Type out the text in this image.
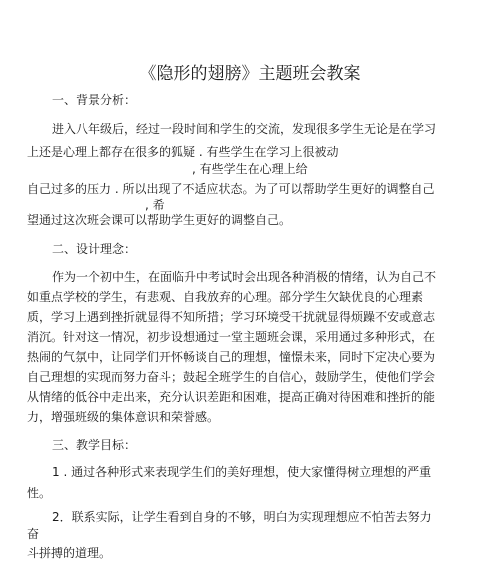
《隐形的翅膀》主题班会教案
一、背景分析：
进入八年级后，经过一段时间和学生的交流，发现很多学生无论是在学习
上还是心理上都存在很多的狐疑 . 有些学生在学习上很被动
, 有些学生在心理上给
自己过多的压力 . 所以出现了不适应状态。为了可以帮助学生更好的调整自己
, 希
望通过这次班会课可以帮助学生更好的调整自己。
二、设计理念：
作为一个初中生，在面临升中考试时会出现各种消极的情绪，认为自己不
如重点学校的学生，有悲观、自我放弃的心理。部分学生欠缺优良的心理素
质，学习上遇到挫折就显得不知所措；学习环境受干扰就显得烦躁不安或意志
消沉。针对这一情况，初步设想通过一堂主题班会课，采用通过多种形式，在
热闹的气氛中，让同学们开怀畅谈自己的理想，憧憬未来，同时下定决心要为
自己理想的实现而努力奋斗；鼓起全班学生的自信心，鼓励学生，使他们学会
从情绪的低谷中走出来，充分认识差距和困难，提高正确对待困难和挫折的能
力，增强班级的集体意识和荣誉感。
三、教学目标：
1 . 通过各种形式来表现学生们的美好理想，使大家懂得树立理想的严重
性。
2．联系实际，让学生看到自身的不够，明白为实现理想应不怕苦去努力
奋
斗拼搏的道理。
